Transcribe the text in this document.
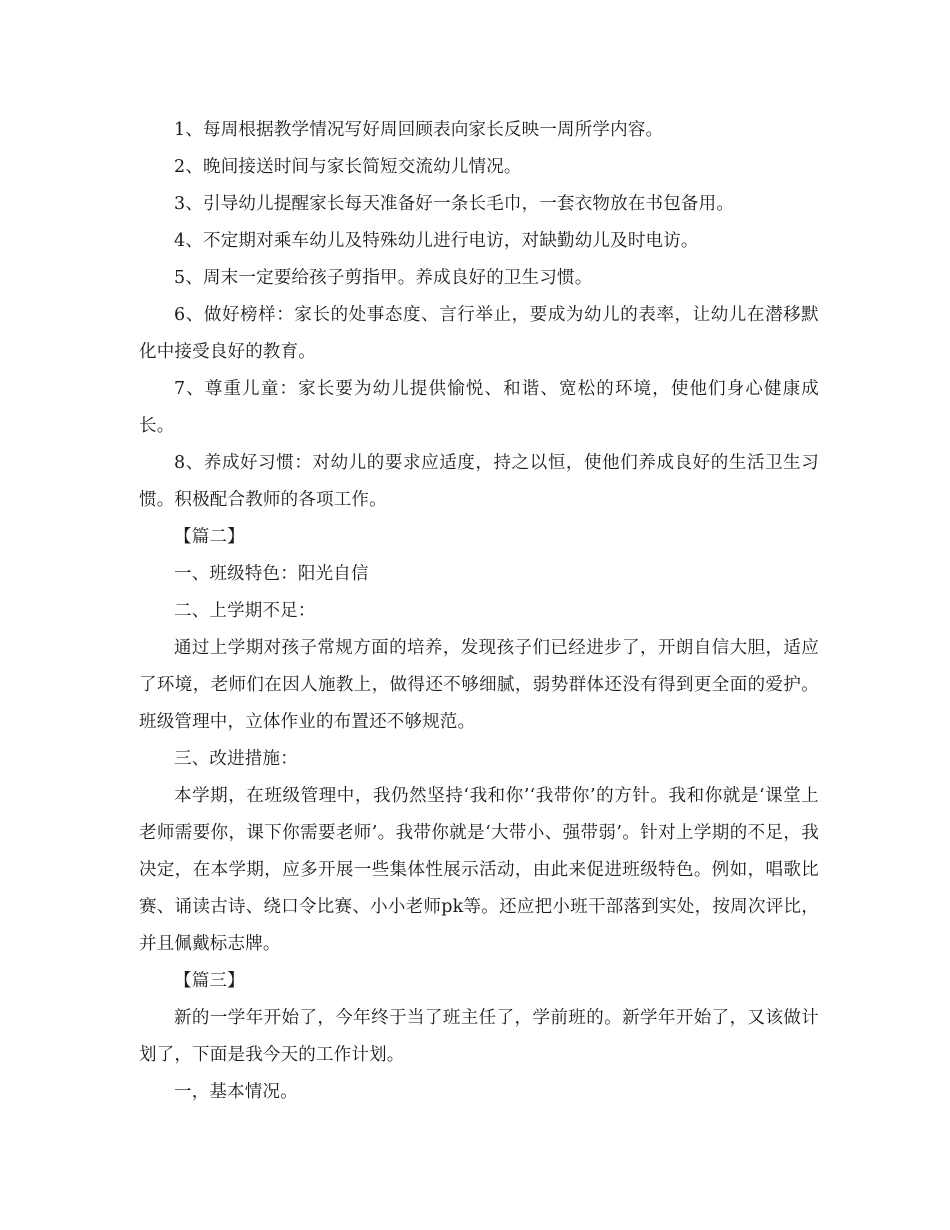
1、每周根据教学情况写好周回顾表向家长反映一周所学内容。

2、晚间接送时间与家长简短交流幼儿情况。

3、引导幼儿提醒家长每天准备好一条长毛巾，一套衣物放在书包备用。

4、不定期对乘车幼儿及特殊幼儿进行电访，对缺勤幼儿及时电访。

5、周末一定要给孩子剪指甲。养成良好的卫生习惯。

6、做好榜样：家长的处事态度、言行举止，要成为幼儿的表率，让幼儿在潜移默化中接受良好的教育。

7、尊重儿童：家长要为幼儿提供愉悦、和谐、宽松的环境，使他们身心健康成长。

8、养成好习惯：对幼儿的要求应适度，持之以恒，使他们养成良好的生活卫生习惯。积极配合教师的各项工作。

【篇二】

一、班级特色：阳光自信

二、上学期不足：

通过上学期对孩子常规方面的培养，发现孩子们已经进步了，开朗自信大胆，适应了环境，老师们在因人施教上，做得还不够细腻，弱势群体还没有得到更全面的爱护。班级管理中，立体作业的布置还不够规范。

三、改进措施：

本学期，在班级管理中，我仍然坚持‘我和你’‘我带你’的方针。我和你就是‘课堂上老师需要你，课下你需要老师’。我带你就是‘大带小、强带弱’。针对上学期的不足，我决定，在本学期，应多开展一些集体性展示活动，由此来促进班级特色。例如，唱歌比赛、诵读古诗、绕口令比赛、小小老师pk等。还应把小班干部落到实处，按周次评比，并且佩戴标志牌。

【篇三】

新的一学年开始了，今年终于当了班主任了，学前班的。新学年开始了，又该做计划了，下面是我今天的工作计划。

一，基本情况。
